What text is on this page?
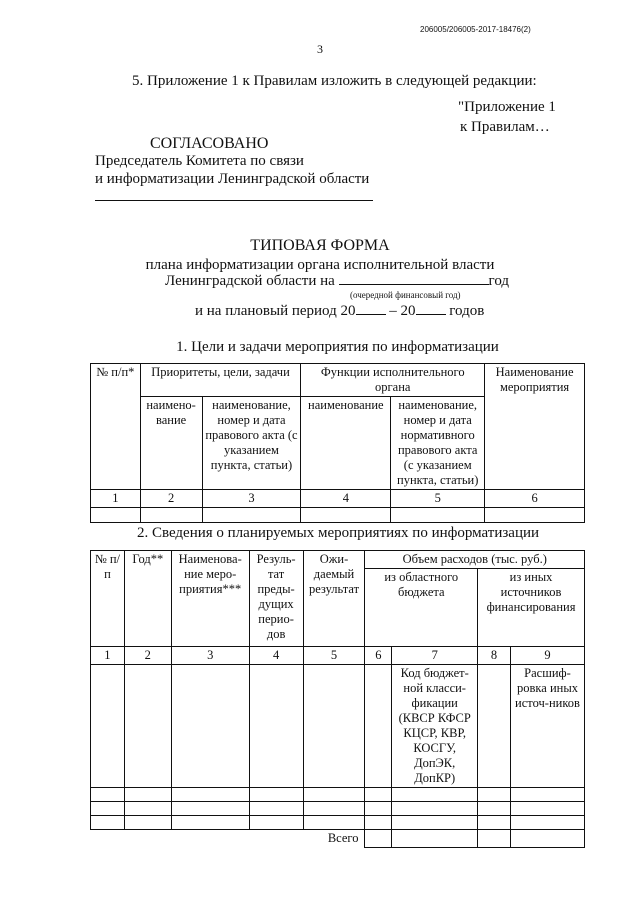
206005/206005-2017-18476(2)
3
5. Приложение 1 к Правилам изложить в следующей редакции:
"Приложение 1
к Правилам…
СОГЛАСОВАНО
Председатель Комитета по связи
и информатизации Ленинградской области
ТИПОВАЯ ФОРМА
плана информатизации органа исполнительной власти
Ленинградской области на	год
(очередной финансовый год)
и на плановый период 20 – 20 годов
1. Цели и задачи мероприятия по информатизации
№ п/п*	Приоритеты, цели, задачи		Функции исполнительного органа		Наименование мероприятия
	наимено-вание	наименование, номер и дата правового акта (с указанием пункта, статьи)	наименование	наименование, номер и дата нормативного правового акта (с указанием пункта, статьи)	
1	2	3	4	5	6

2. Сведения о планируемых мероприятиях по информатизации
№ п/п	Год**	Наименова-ние меро-приятия***	Резуль-тат преды-дущих перио-дов	Ожи-даемый результат	Объем расходов (тыс. руб.)			
					из областного бюджета		из иных источников финансирования	

1	2	3	4	5	6	7	8	9
						Код бюджет-ной класси-фикации (КВСР КФСР КЦСР, КВР, КОСГУ, ДопЭК, ДопКР)		Расшиф-ровка иных источ-ников

Всего								
